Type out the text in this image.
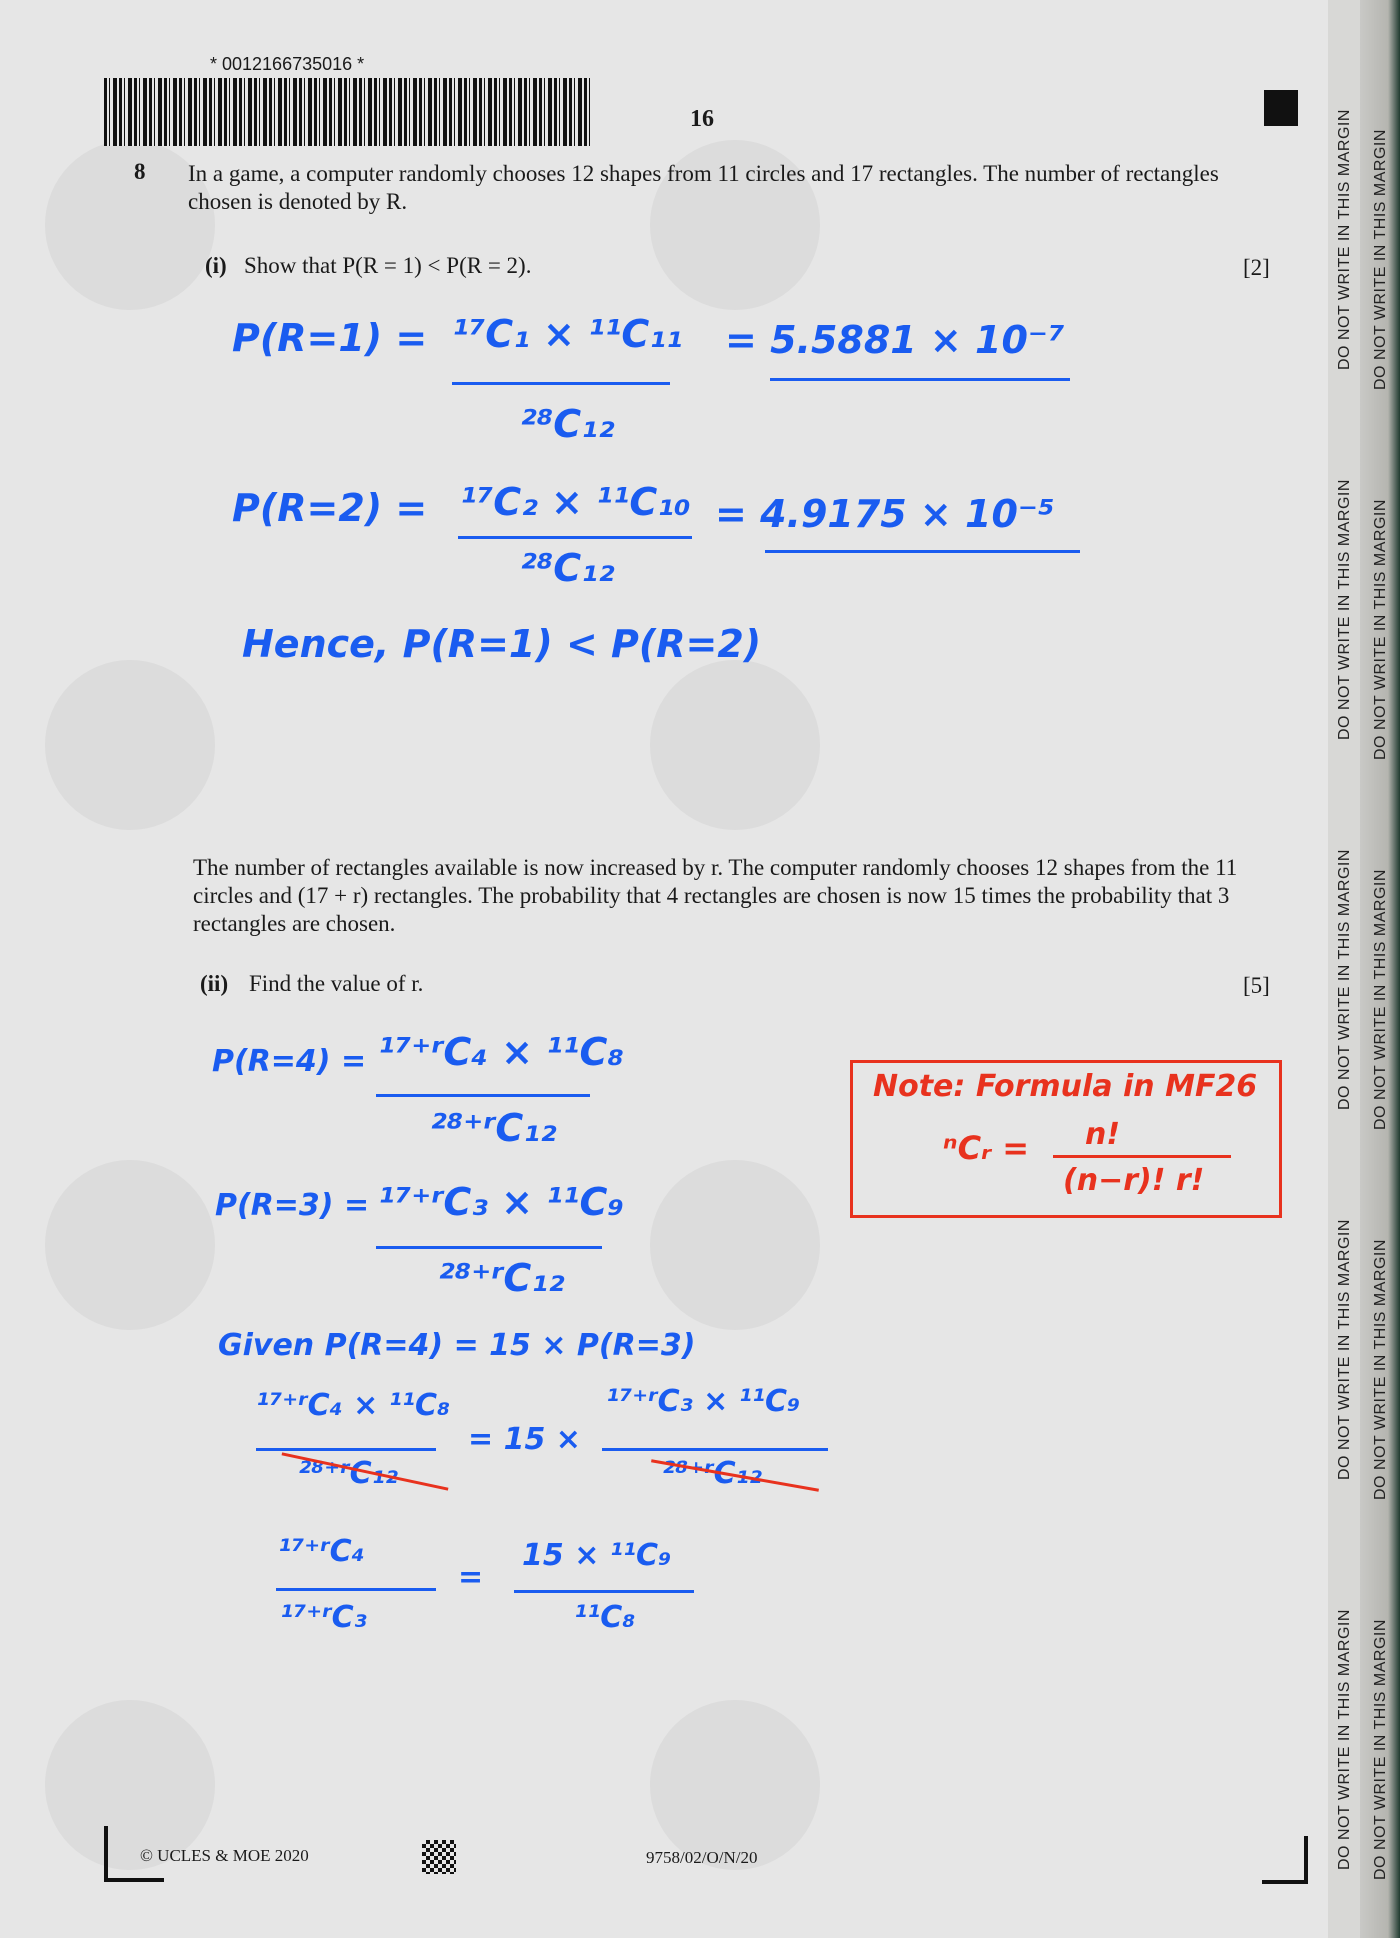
* 0012166735016 *
16
8 In a game, a computer randomly chooses 12 shapes from 11 circles and 17 rectangles. The number of rectangles chosen is denoted by R.
(i) Show that P(R = 1) < P(R = 2).	[2]
P(R=1) = ¹⁷C₁ × ¹¹C₁₁
²⁸C₁₂
= 5.5881 × 10⁻⁷
P(R=2) = ¹⁷C₂ × ¹¹C₁₀
²⁸C₁₂
= 4.9175 × 10⁻⁵
Hence, P(R=1) < P(R=2)
The number of rectangles available is now increased by r. The computer randomly chooses 12 shapes from the 11 circles and (17 + r) rectangles. The probability that 4 rectangles are chosen is now 15 times the probability that 3 rectangles are chosen.
(ii) Find the value of r.	[5]
P(R=4) = ¹⁷⁺ʳC₄ × ¹¹C₈
²⁸⁺ʳC₁₂
P(R=3) = ¹⁷⁺ʳC₃ × ¹¹C₉
²⁸⁺ʳC₁₂
Given P(R=4) = 15 × P(R=3)
¹⁷⁺ʳC₄ × ¹¹C₈
²⁸⁺ʳC₁₂
= 15 ×
¹⁷⁺ʳC₃ × ¹¹C₉
²⁸⁺ʳC₁₂
¹⁷⁺ʳC₄
¹⁷⁺ʳC₃
=
15 × ¹¹C₉
¹¹C₈
Note: Formula in MF26
ⁿCᵣ = n!
(n−r)! r!
© UCLES & MOE 2020	9758/02/O/N/20
DO NOT WRITE IN THIS MARGIN
DO NOT WRITE IN THIS MARGIN
DO NOT WRITE IN THIS MARGIN
DO NOT WRITE IN THIS MARGIN
DO NOT WRITE IN THIS MARGIN
DO NOT WRITE IN THIS MARGIN
DO NOT WRITE IN THIS MARGIN
DO NOT WRITE IN THIS MARGIN
DO NOT WRITE IN THIS MARGIN
DO NOT WRITE IN THIS MARGIN
